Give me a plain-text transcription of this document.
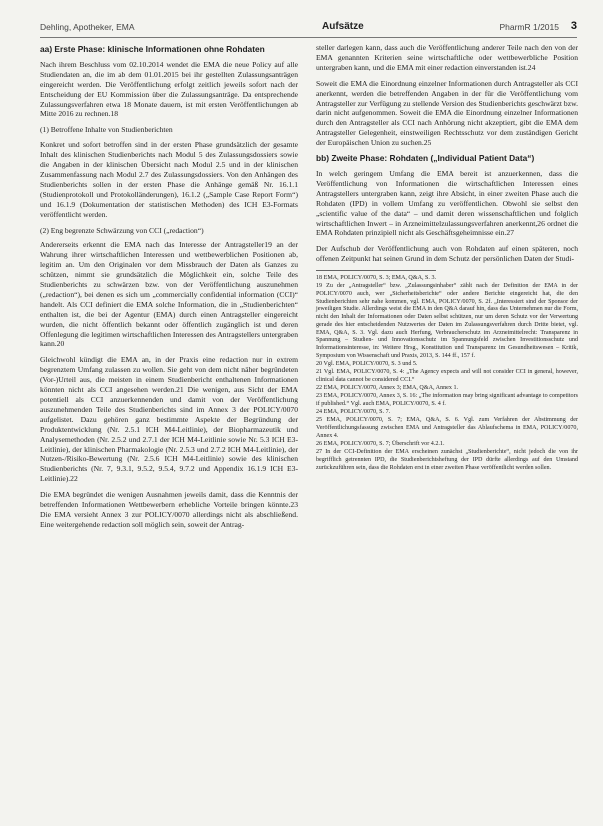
Dehling, Apotheker, EMA	Aufsätze	PharmR 1/2015 3

aa) Erste Phase: klinische Informationen ohne Rohdaten

Nach ihrem Beschluss vom 02.10.2014 wendet die EMA die neue Policy auf alle Studiendaten an, die im ab dem 01.01.2015 bei ihr gestellten Zulassungsanträgen eingereicht werden. Die Veröffentlichung erfolgt zeitlich jeweils sofort nach der Entscheidung der EU Kommission über die Zulassungsanträge. Da entsprechende Zulassungsverfahren etwa 18 Monate dauern, ist mit ersten Veröffentlichungen ab Mitte 2016 zu rechnen.18

(1) Betroffene Inhalte von Studienberichten

Konkret und sofort betroffen sind in der ersten Phase grundsätzlich der gesamte Inhalt des klinischen Studienberichts nach Modul 5 des Zulassungsdossiers sowie die Angaben in der klinischen Übersicht nach Modul 2.5 und in der klinischen Zusammenfassung nach Modul 2.7 des Zulassungsdossiers. Von den Anhängen des Studienberichts sollen in der ersten Phase die Anhänge gemäß Nr. 16.1.1 (Studienprotokoll und Protokolländerungen), 16.1.2 („Sample Case Report Form“) und 16.1.9 (Dokumentation der statistischen Methoden) des ICH E3-Formats veröffentlicht werden.

(2) Eng begrenzte Schwärzung von CCI („redaction“)

Andererseits erkennt die EMA nach das Interesse der Antragsteller19 an der Wahrung ihrer wirtschaftlichen Interessen und wettbewerblichen Positionen ab, legitim an. Um den Originalen vor dem Missbrauch der Daten als Ganzes zu schützen, nimmt sie grundsätzlich die Möglichkeit ein, solche Teile des Studienberichts zu schwärzen bzw. von der Veröffentlichung auszunehmen („redaction“), bei denen es sich um „commercially confidential information (CCI)“ handelt. Als CCI definiert die EMA solche Information, die in „Studienberichten“ enthalten ist, die bei der Agentur (EMA) durch einen Antragsteller eingereicht wurden, die nicht öffentlich bekannt oder öffentlich zugänglich ist und deren Offenlegung die legitimen wirtschaftlichen Interessen des Antragstellers untergraben kann.20

Gleichwohl kündigt die EMA an, in der Praxis eine redaction nur in extrem begrenztem Umfang zulassen zu wollen. Sie geht von dem nicht näher begründeten (Vor-)Urteil aus, die meisten in einem Studienbericht enthaltenen Informationen könnten nicht als CCI angesehen werden.21 Die wenigen, aus Sicht der EMA potentiell als CCI anzuerkennenden und damit von der Veröffentlichung auszunehmenden Teile des Studienberichts sind im Annex 3 der POLICY/0070 aufgelistet. Dazu gehören ganz bestimmte Aspekte der Begründung der Produktentwicklung (Nr. 2.5.1 ICH M4-Leitlinie), der Biopharmazeutik und Analysemethoden (Nr. 2.5.2 und 2.7.1 der ICH M4-Leitlinie sowie Nr. 5.3 ICH E3-Leitlinie), der klinischen Pharmakologie (Nr. 2.5.3 und 2.7.2 ICH M4-Leitlinie), der Nutzen-/Risiko-Bewertung (Nr. 2.5.6 ICH M4-Leitlinie) sowie des klinischen Studienberichts (Nr. 7, 9.3.1, 9.5.2, 9.5.4, 9.7.2 und Appendix 16.1.9 ICH E3-Leitlinie).22

Die EMA begründet die wenigen Ausnahmen jeweils damit, dass die Kenntnis der betreffenden Informationen Wettbewerbern erhebliche Vorteile bringen könnte.23 Die EMA versieht Annex 3 zur POLICY/0070 allerdings nicht als abschließend. Eine weitergehende redaction soll möglich sein, soweit der Antrag-

steller darlegen kann, dass auch die Veröffentlichung anderer Teile nach den von der EMA genannten Kriterien seine wirtschaftliche oder wettbewerbliche Position untergraben kann, und die EMA mit einer redaction einverstanden ist.24

Soweit die EMA die Einordnung einzelner Informationen durch Antragsteller als CCI anerkennt, werden die betreffenden Angaben in der für die Veröffentlichung vom Antragsteller zur Verfügung zu stellende Version des Studienberichts geschwärzt bzw. darin nicht aufgenommen. Soweit die EMA die Einordnung einzelner Informationen durch den Antragsteller als CCI nach Anhörung nicht akzeptiert, gibt die EMA dem Antragsteller Gelegenheit, einstweiligen Rechtsschutz vor dem zuständigen Gericht der Europäischen Union zu suchen.25

bb) Zweite Phase: Rohdaten („Individual Patient Data“)

In welch geringem Umfang die EMA bereit ist anzuerkennen, dass die Veröffentlichung von Informationen die wirtschaftlichen Interessen eines Antragstellers untergraben kann, zeigt ihre Absicht, in einer zweiten Phase auch die Rohdaten (IPD) in vollem Umfang zu veröffentlichen. Obwohl sie selbst den „scientific value of the data“ – und damit deren wissenschaftlichen und folglich wirtschaftlichen Inwert – in Arzneimittelzulassungsverfahren anerkennt,26 ordnet die EMA Rohdaten prinzipiell nicht als Geschäftsgeheimnisse ein.27

Der Aufschub der Veröffentlichung auch von Rohdaten auf einen späteren, noch offenen Zeitpunkt hat seinen Grund in dem Schutz der persönlichen Daten der Studi-

18 EMA, POLICY/0070, S. 3; EMA, Q&A, S. 3.

19 Zu der „Antragsteller“ bzw. „Zulassungsinhaber“ zählt nach der Definition der EMA in der POLICY/0070 auch, wer „Sicherheitsberichte“ oder andere Berichte eingereicht hat, die den Studienberichten sehr nahe kommen, vgl. EMA, POLICY/0070, S. 2f. „Interessiert sind der Sponsor der jeweiligen Studie. Allerdings weist die EMA in den Q&A darauf hin, dass das Unternehmen nur die Form, nicht den Inhalt der Informationen oder Daten selbst schützen, nur um deren Schutz vor der Verwertung gerade des hier entscheidenden Nutzwertes der Daten im Zulassungsverfahren durch Dritte bietet, vgl. EMA, Q&A, S. 3. Vgl. dazu auch Herfung, Verbraucherschutz im Arzneimittelrecht: Transparenz in Spannung – Studien- und Innovationsschutz im Spannungsfeld zwischen Investitionsschutz und Informationsinteresse, in: Weitere Hrsg., Konstitution und Transparenz im Gesundheitswesen – Kritik, Symposium von Wissenschaft und Praxis, 2013, S. 144 ff., 157 f.

20 Vgl. EMA, POLICY/0070, S. 3 und 5.

21 Vgl. EMA, POLICY/0070, S. 4: „The Agency expects and will not consider CCI in general, however, clinical data cannot be considered CCI.“

22 EMA, POLICY/0070, Annex 3; EMA, Q&A, Annex 1.

23 EMA, POLICY/0070, Annex 3, S. 16: „The information may bring significant advantage to competitors if published.“ Vgl. auch EMA, POLICY/0070, S. 4 f.

24 EMA, POLICY/0070, S. 7.

25 EMA, POLICY/0070, S. 7; EMA, Q&A, S. 6. Vgl. zum Verfahren der Abstimmung der Veröffentlichungsfassung zwischen EMA und Antragsteller das Ablaufschema in EMA, POLICY/0070, Annex 4.

26 EMA, POLICY/0070, S. 7; Überschrift vor 4.2.1.

27 In der CCI-Definition der EMA erscheinen zunächst „Studienberichte“, nicht jedoch die von ihr begrifflich getrennten IPD, die Studienberichtsheftung der IPD dürfte allerdings auf den Umstand zurückzuführen sein, dass die Rohdaten erst in einer zweiten Phase veröffentlicht werden sollen.
